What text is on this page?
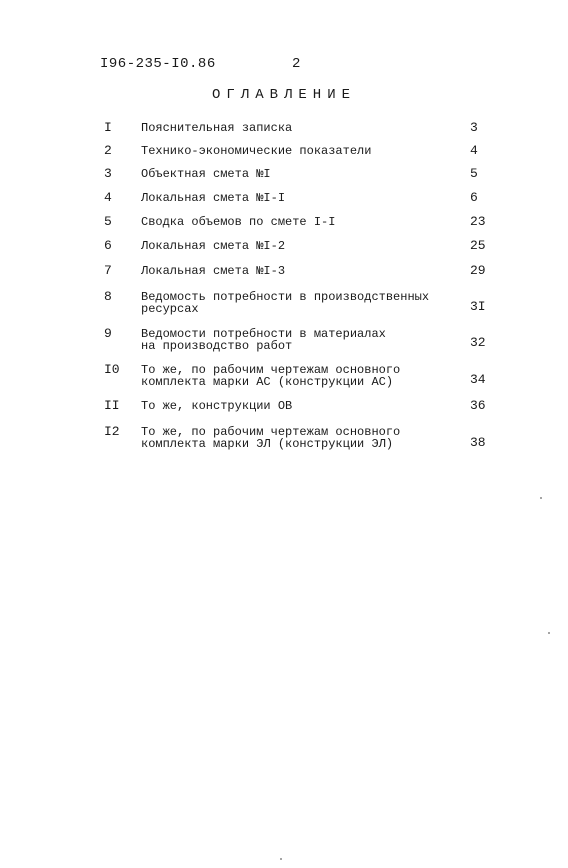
I96-235-I0.86	2
ОГЛАВЛЕНИЕ
I Пояснительная записка	3
2 Технико-экономические показатели	4
3 Объектная смета №I	5
4 Локальная смета №I-I	6
5 Сводка объемов по смете I-I	23
6 Локальная смета №I-2	25
7 Локальная смета №I-3	29
8 Ведомость потребности в производственных
ресурсах	3I
9 Ведомости потребности в материалах
на производство работ	32
I0 То же, по рабочим чертежам основного
комплекта марки АС (конструкции АС)	34
II То же, конструкции ОВ	36
I2 То же, по рабочим чертежам основного
комплекта марки ЭЛ (конструкции ЭЛ)	38
